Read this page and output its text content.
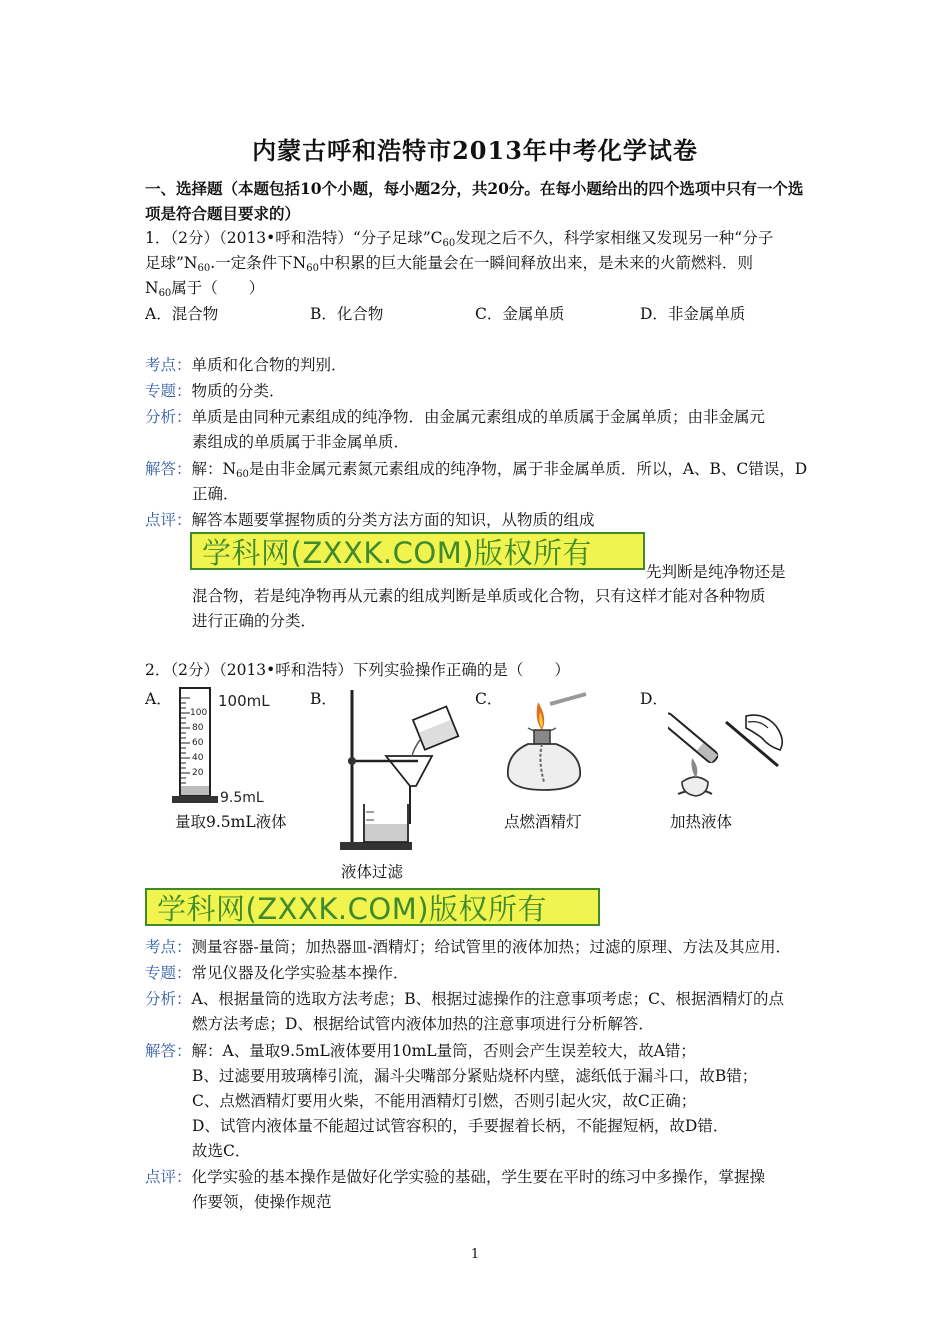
内蒙古呼和浩特市2013年中考化学试卷
一、选择题（本题包括10个小题，每小题2分，共20分。在每小题给出的四个选项中只有一个选项是符合题目要求的）
1．（2分）（2013•呼和浩特）“分子足球$”C_{60}$发现之后不久，科学家相继又发现另一种“分子
足球$”N_{60}$.一定条件下$N_{60}$中积累的巨大能量会在一瞬间释放出来，是未来的火箭燃料．则
$N_{60}$属于（　　）
A．混合物	B．化合物	C．金属单质	D．非金属单质
考点：单质和化合物的判别．
专题：物质的分类．
分析：单质是由同种元素组成的纯净物．由金属元素组成的单质属于金属单质；由非金属元
素组成的单质属于非金属单质．
解答：解：$N_{60}$是由非金属元素氮元素组成的纯净物，属于非金属单质．所以，A、B、C错误，D
正确．
点评：解答本题要掌握物质的分类方法方面的知识，从物质的组成
学科网(ZXXK.COM)版权所有
先判断是纯净物还是
混合物，若是纯净物再从元素的组成判断是单质或化合物，只有这样才能对各种物质
进行正确的分类．
2．（2分）（2013•呼和浩特）下列实验操作正确的是（　　）
A．	B．	C．	D．
100
80
60
40
20
100mL
9.5mL
量取9.5mL液体
液体过滤
点燃酒精灯	加热液体
学科网(ZXXK.COM)版权所有
考点：测量容器-量筒；加热器皿-酒精灯；给试管里的液体加热；过滤的原理、方法及其应用．
专题：常见仪器及化学实验基本操作．
分析：A、根据量筒的选取方法考虑；B、根据过滤操作的注意事项考虑；C、根据酒精灯的点
燃方法考虑；D、根据给试管内液体加热的注意事项进行分析解答．
解答：解：A、量取9.5mL液体要用10mL量筒，否则会产生误差较大，故A错；
B、过滤要用玻璃棒引流，漏斗尖嘴部分紧贴烧杯内壁，滤纸低于漏斗口，故B错；
C、点燃酒精灯要用火柴，不能用酒精灯引燃，否则引起火灾，故C正确；
D、试管内液体量不能超过试管容积的，手要握着长柄，不能握短柄，故D错．
故选C．
点评：化学实验的基本操作是做好化学实验的基础，学生要在平时的练习中多操作，掌握操
作要领，使操作规范
1
